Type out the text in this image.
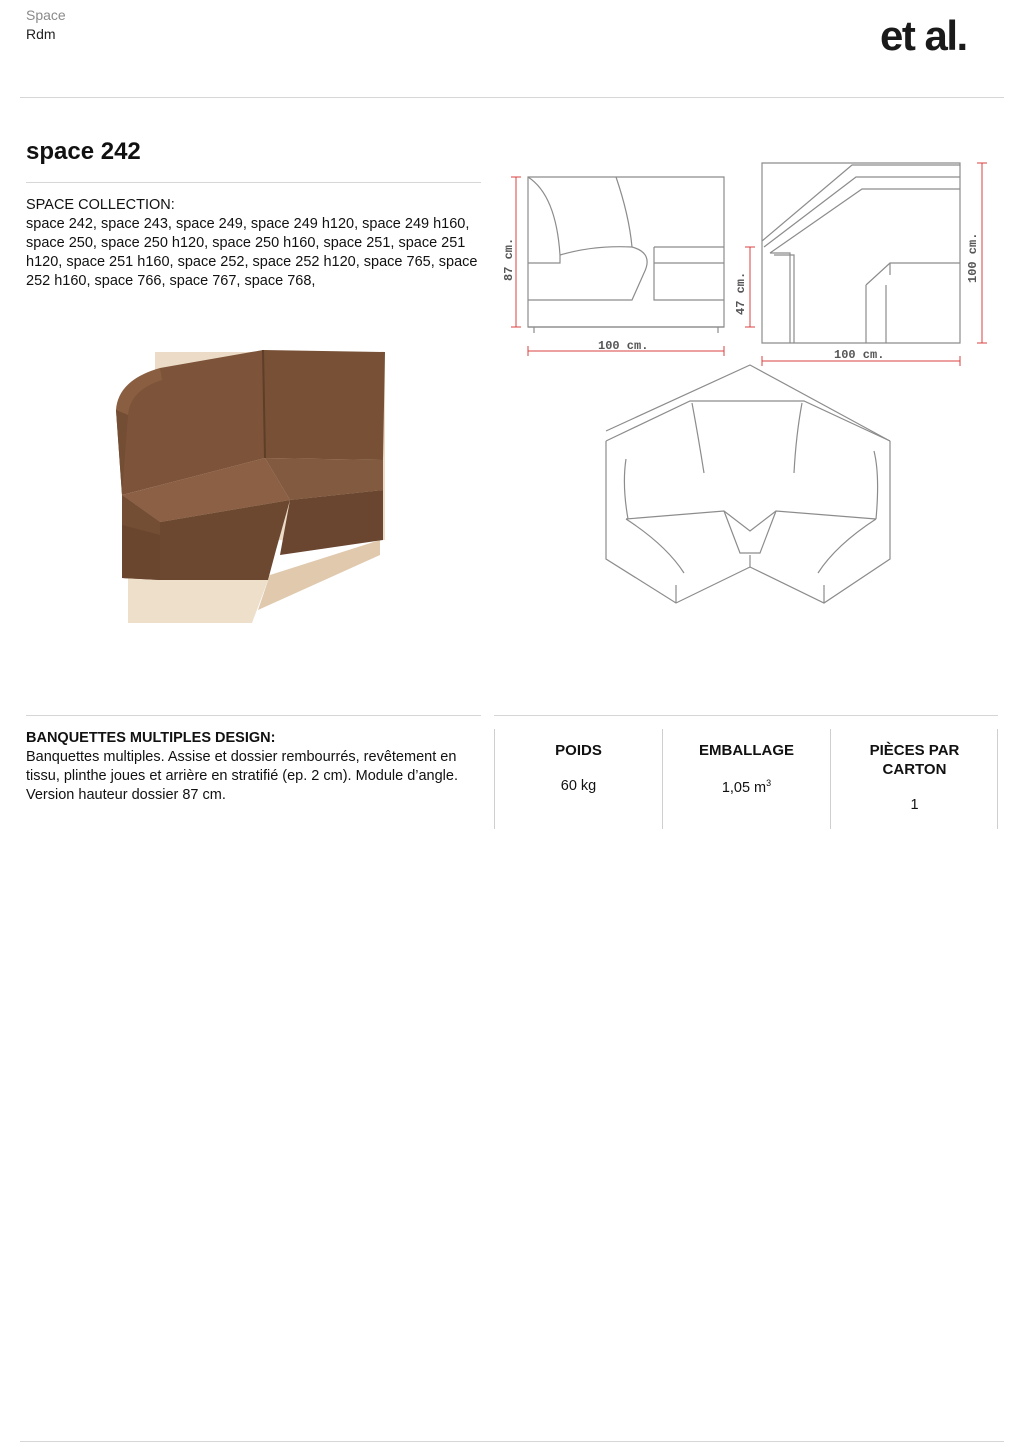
Space
Rdm	et al.
space 242
SPACE COLLECTION:
space 242, space 243, space 249, space 249 h120, space 249 h160, space 250, space 250 h120, space 250 h160, space 251, space 251 h120, space 251 h160, space 252, space 252 h120, space 765, space 252 h160, space 766, space 767, space 768,	87 cm.
47 cm.
100 cm.
100 cm.
100 cm.
BANQUETTES MULTIPLES DESIGN:
Banquettes multiples. Assise et dossier rembourrés, revêtement en tissu, plinthe joues et arrière en stratifié (ep. 2 cm). Module d’angle. Version hauteur dossier 87 cm.
POIDS
60 kg
EMBALLAGE
1,05 $m^3$
PIÈCES PAR CARTON
1
